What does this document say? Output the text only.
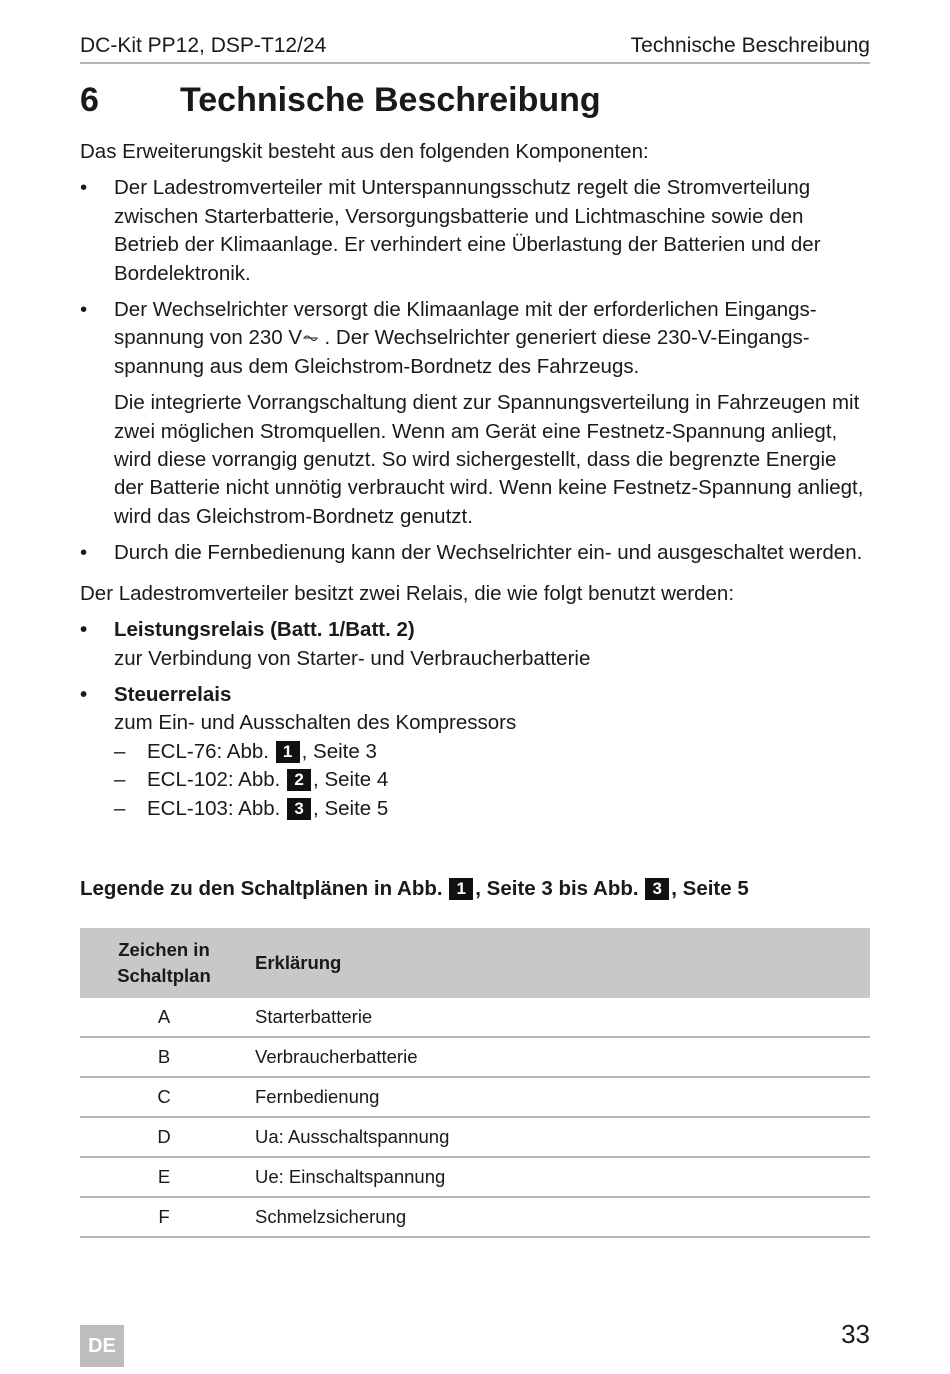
DC-Kit PP12, DSP-T12/24	Technische Beschreibung
6 Technische Beschreibung

Das Erweiterungskit besteht aus den folgenden Komponenten:

• Der Ladestromverteiler mit Unterspannungsschutz regelt die Stromverteilung zwischen Starterbatterie, Versorgungsbatterie und Lichtmaschine sowie den Betrieb der Klimaanlage. Er verhindert eine Überlastung der Batterien und der Bordelektronik.
• Der Wechselrichter versorgt die Klimaanlage mit der erforderlichen Eingangs-spannung von 230 V⏦ . Der Wechselrichter generiert diese 230-V-Eingangs-spannung aus dem Gleichstrom-Bordnetz des Fahrzeugs.

Die integrierte Vorrangschaltung dient zur Spannungsverteilung in Fahrzeugen mit zwei möglichen Stromquellen. Wenn am Gerät eine Festnetz-Spannung anliegt, wird diese vorrangig genutzt. So wird sichergestellt, dass die begrenzte Energie der Batterie nicht unnötig verbraucht wird. Wenn keine Festnetz-Spannung anliegt, wird das Gleichstrom-Bordnetz genutzt.

• Durch die Fernbedienung kann der Wechselrichter ein- und ausgeschaltet werden.

Der Ladestromverteiler besitzt zwei Relais, die wie folgt benutzt werden:

• Leistungsrelais (Batt. 1/Batt. 2)
zur Verbindung von Starter- und Verbraucherbatterie
• Steuerrelais
zum Ein- und Ausschalten des Kompressors
– ECL-76: Abb. 1 , Seite 3
– ECL-102: Abb. 2 , Seite 4
– ECL-103: Abb. 3 , Seite 5
Legende zu den Schaltplänen in Abb. 1 , Seite 3 bis Abb. 3 , Seite 5
Zeichen in Schaltplan	Erklärung
A	Starterbatterie
B	Verbraucherbatterie
C	Fernbedienung
D	Ua: Ausschaltspannung
E	Ue: Einschaltspannung
F	Schmelzsicherung
DE	33
